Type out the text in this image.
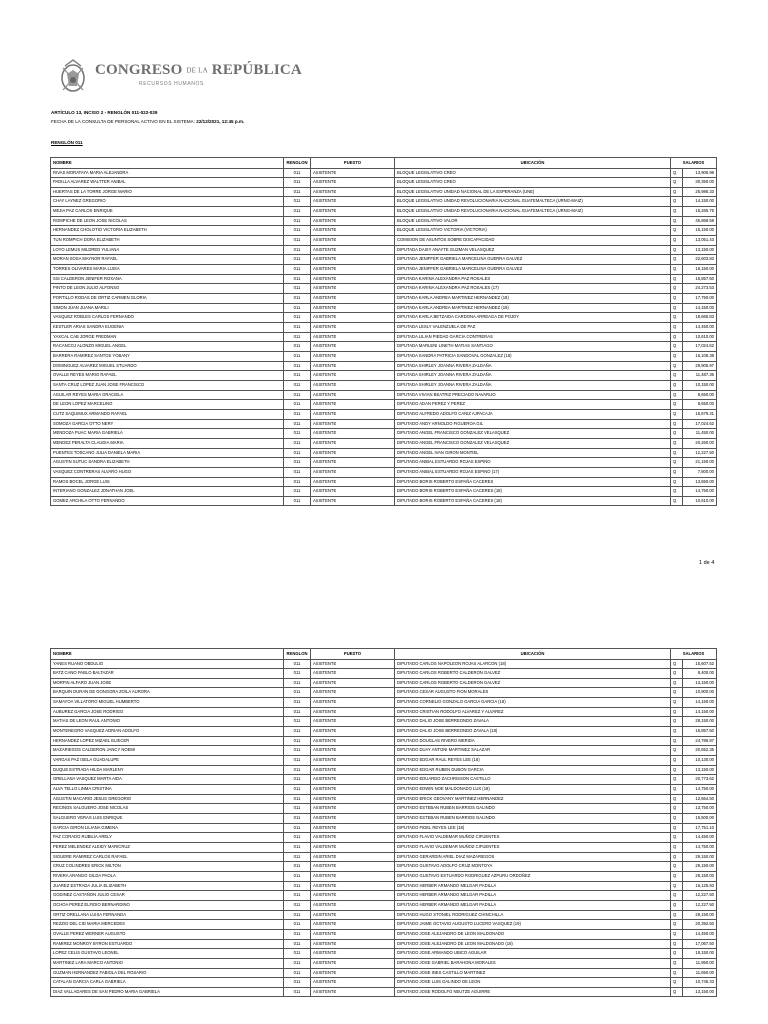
CONGRESO DE LA REPÚBLICA
RECURSOS HUMANOS
ARTÍCULO 13, INCISO 2 - RENGLÓN 011-022-029
FECHA DE LA CONSULTA DE PERSONAL ACTIVO EN EL SISTEMA: 22/12/2021, 12:45 p.m.
RENGLÓN 011
NOMBRE	RENGLON	PUESTO	UBICACIÓN	SALARIOS	
RIVAS MORATAYA MARIA ALEJANDRA	011	ASISTENTE	BLOQUE LEGISLATIVO CREO	Q	13,906.98
PADILLA ALVAREZ WALTTER ANIBAL	011	ASISTENTE	BLOQUE LEGISLATIVO CREO	Q	30,350.00
HUERTAS DE LA TORRE JORGE MARIO	011	ASISTENTE	BLOQUE LEGISLATIVO UNIDAD NACIONAL DE LA ESPERANZA (UNE)	Q	25,986.33
CHAY LAYNEZ GREGORIO	011	ASISTENTE	BLOQUE LEGISLATIVO UNIDAD REVOLUCIONARIA NACIONAL GUATEMALTECA (URNG-MAIZ)	Q	14,150.00
MEJIA PAZ CARLOS ENRIQUE	011	ASISTENTE	BLOQUE LEGISLATIVO UNIDAD REVOLUCIONARIA NACIONAL GUATEMALTECA (URNG-MAIZ)	Q	15,265.75
ROMPICHE DE LEON JOSE NICOLAS	011	ASISTENTE	BLOQUE LEGISLATIVO VALOR	Q	45,868.59
HERNANDEZ CHOLOTIO VICTORIA ELIZABETH	011	ASISTENTE	BLOQUE LEGISLATIVO VICTORIA (VICTORIA)	Q	15,150.00
TUN ROMPICH DORA ELIZABETH	011	ASISTENTE	COMISION DE ASUNTOS SOBRE DISCAPACIDAD	Q	13,051.43
LOYO LEMUS MILDRED YULIANA	011	ASISTENTE	DIPUTADA DAISY ANAYTE GUZMAN VELASQUEZ	Q	13,150.00
MORAN SOSA MAYNOR RAFAEL	011	ASISTENTE	DIPUTADA JENIFFER GABRIELA MARCELINA GUERRA GALVEZ	Q	22,603.83
TORRES OLIVARES MARIA LUISA	011	ASISTENTE	DIPUTADA JENIFFER GABRIELA MARCELINA GUERRA GALVEZ	Q	16,150.00
SIS CALDERON JENIFER ROXANA	011	ASISTENTE	DIPUTADA KARINA ALEXANDRA PAZ ROSALES	Q	15,857.50
PINTO DE LEON JULIO ALFONSO	011	ASISTENTE	DIPUTADA KARINA ALEXANDRA PAZ ROSALES (17)	Q	24,273.53
PORTILLO RODAS DE ORTIZ CARMEN GLORIA	011	ASISTENTE	DIPUTADA KARLA ANDREA MARTINEZ HERNANDEZ (18)	Q	17,750.00
SIMON JUAN JUANA MARILI	011	ASISTENTE	DIPUTADA KARLA ANDREA MARTINEZ HERNANDEZ (19)	Q	14,150.00
VASQUEZ ROBLES CARLOS FERNANDO	011	ASISTENTE	DIPUTADA KARLA BETZAIDA CARDONA ARREAGA DE POJOY	Q	18,665.83
KESTLER ARIAS SANDRA EUGENIA	011	ASISTENTE	DIPUTADA LESLY VALENZUELA DE PAZ	Q	14,450.00
YAXCAL CAB JORGE FREDMAN	011	ASISTENTE	DIPUTADA LILIAN PIEDAD GARCIA CONTRERAS	Q	10,610.00
RACANCOJ ALONZO MIGUEL ANGEL	011	ASISTENTE	DIPUTADA MARLENI LINETH MATIAS SANTIAGO	Q	17,024.62
BARRERA RAMIREZ SANTOS YOBANY	011	ASISTENTE	DIPUTADA SANDRA PATRICIA SANDOVAL GONZALEZ (18)	Q	15,108.38
DOMINGUEZ ALVAREZ MIGUEL STUARDO	011	ASISTENTE	DIPUTADA SHIRLEY JOANNA RIVERA ZALDAÑA	Q	29,905.97
OVALLE REYES MARIO RAFAEL	011	ASISTENTE	DIPUTADA SHIRLEY JOANNA RIVERA ZALDAÑA	Q	11,487.36
SANTA CRUZ LOPEZ JUAN JOSE FRANCISCO	011	ASISTENTE	DIPUTADA SHIRLEY JOANNA RIVERA ZALDAÑA	Q	10,150.00
AGUILAR REYES MARIA GRACIELA	011	ASISTENTE	DIPUTADA VIVIAN BEATRIZ PRECIADO NAVARIJO	Q	8,650.00
DE LEON LOPEZ MARCELINO	011	ASISTENTE	DIPUTADO ADAN PEREZ Y PEREZ	Q	8,650.00
CUTZ SAQUIMUX ARMANDO RAFAEL	011	ASISTENTE	DIPUTADO ALFREDO ADOLFO CANIZ AJPACAJA	Q	16,679.31
SOMOZA GARCIA OTTO NERY	011	ASISTENTE	DIPUTADO ANDY ARNOLDO FIGUEROA GIL	Q	17,024.62
MENDOZA PUAC MARIA GABRIELA	011	ASISTENTE	DIPUTADO ANGEL FRANCISCO GONZALEZ VELASQUEZ	Q	11,450.00
MENDEZ PERALTA CLAUDIA MARIA	011	ASISTENTE	DIPUTADO ANGEL FRANCISCO GONZALEZ VELASQUEZ	Q	20,260.00
PUENTES TOSCANO JULIA DANIELA MARIA	011	ASISTENTE	DIPUTADO ANGEL IVAN GIRON MONTIEL	Q	12,227.50
AGUSTIN SUTUC SANDRA ELIZABETH	011	ASISTENTE	DIPUTADO ANIBAL ESTUARDO ROJAS ESPINO	Q	21,150.00
VASQUEZ CONTRERAS ALVARO HUGO	011	ASISTENTE	DIPUTADO ANIBAL ESTUARDO ROJAS ESPINO (17)	Q	7,800.00
RAMOS BOCEL JORGE LUIS	011	ASISTENTE	DIPUTADO BORIS ROBERTO ESPAÑA CACERES	Q	13,650.00
INTERIANO GONZALEZ JONATHAN JOEL	011	ASISTENTE	DIPUTADO BORIS ROBERTO ESPAÑA CACERES (18)	Q	14,750.00
GOMEZ ARCHILA OTTO FERNANDO	011	ASISTENTE	DIPUTADO BORIS ROBERTO ESPAÑA CACERES (18)	Q	10,610.00
1 de 4
NOMBRE	RENGLON	PUESTO	UBICACIÓN	SALARIOS	
YANES RUANO OBDULIO	011	ASISTENTE	DIPUTADO CARLOS NAPOLEON ROJAS ALARCON (18)	Q	15,607.52
BATZ CANO PABLO BALTAZAR	011	ASISTENTE	DIPUTADO CARLOS ROBERTO CALDERON GALVEZ	Q	8,400.00
MORFIN ALFARO JUAN JOSE	011	ASISTENTE	DIPUTADO CARLOS ROBERTO CALDERON GALVEZ	Q	13,150.00
BARQUIN DURAN DE GONGORA ZOILA AURORA	011	ASISTENTE	DIPUTADO CESAR AUGUSTO FION MORALES	Q	10,900.00
SAMAYOA VILLATORO MIGUEL HUMBERTO	011	ASISTENTE	DIPUTADO CORNELIO GONZALO GARCIA GARCIA (18)	Q	14,150.00
AUBUREZ GARCIA JOSE RODRIGO	011	ASISTENTE	DIPUTADO CRISTIAN RODOLFO ALVAREZ Y ALVAREZ	Q	14,150.00
MATIAS DE LEON RAUL ANTONIO	011	ASISTENTE	DIPUTADO DALIO JOSE BERREONDO ZAVALA	Q	28,150.00
MONTENEGRO VASQUEZ ADRIAN ADOLFO	011	ASISTENTE	DIPUTADO DALIO JOSE BERREONDO ZAVALA (18)	Q	15,857.50
HERNANDEZ LOPEZ MIZAEL ELIECER	011	ASISTENTE	DIPUTADO DOUGLAS RIVERO MERIDA	Q	24,786.87
MAZARIEGOS CALDERON JANCY NOEMI	011	ASISTENTE	DIPUTADO DUAY ANTONI MARTINEZ SALAZAR	Q	20,652.35
VARGAS PAZ ISELA GUADALUPE	011	ASISTENTE	DIPUTADO EDGAR RAUL REYES LEE (18)	Q	10,130.00
DUQUE ESTRADA HILDA MARLENY	011	ASISTENTE	DIPUTADO EDGAR RUBEN DUBON GARCIA	Q	13,150.00
ORELLANA VASQUEZ MARTA AIDA	011	ASISTENTE	DIPUTADO EDUARDO ZACHRISSON CASTILLO	Q	20,773.62
ALVA TELLO LINMA CRISTINA	011	ASISTENTE	DIPUTADO EDWIN NOE MALDONADO LUX (18)	Q	14,750.00
AGUSTIN MACARIO JESUS GREGORIO	011	ASISTENTE	DIPUTADO ERICK GEOVANY MARTINEZ HERNANDEZ	Q	12,564.50
RECINOS SALGUERO JOSE NICOLAS	011	ASISTENTE	DIPUTADO ESTEBAN RUBEN BARRIOS GALINDO	Q	13,750.00
SALGUERO VERAS LUIS ENRIQUE	011	ASISTENTE	DIPUTADO ESTEBAN RUBEN BARRIOS GALINDO	Q	15,500.00
GARCIA GIRON LILIANA GIMENA	011	ASISTENTE	DIPUTADO FIDEL REYES LEE (18)	Q	17,751.10
PAZ CORADO RUBILIA ARELY	011	ASISTENTE	DIPUTADO FLAVIO VALDEMAR MUÑOZ CIFUENTES	Q	14,450.00
PEREZ MELENDEZ ALEIDY MARICRUZ	011	ASISTENTE	DIPUTADO FLAVIO VALDEMAR MUÑOZ CIFUENTES	Q	14,750.00
SIGUERE RAMIREZ CARLOS RAFAEL	011	ASISTENTE	DIPUTADO GERARDIN ARIEL DIAZ MAZARIEGOS	Q	29,150.00
CRUZ COLINDRES ERICK MILTON	011	ASISTENTE	DIPUTADO GUSTAVO ADOLFO CRUZ MONTOYA	Q	29,150.00
RIVERA ARANGO GILDA PAOLA	011	ASISTENTE	DIPUTADO GUSTAVO ESTUARDO RODRIGUEZ AZPURU ORDOÑEZ	Q	28,150.00
JUAREZ ESTRADA JULIA ELIZABETH	011	ASISTENTE	DIPUTADO HERBER ARMANDO MELGAR PADILLA	Q	16,125.93
GODINEZ CASTAÑON JULIO CESAR	011	ASISTENTE	DIPUTADO HERBER ARMANDO MELGAR PADILLA	Q	12,227.50
OCHOA PEREZ ELFIDIO BERNARDINO	011	ASISTENTE	DIPUTADO HERBER ARMANDO MELGAR PADILLA	Q	12,227.50
ORTIZ ORELLANA LUISA FERNANDA	011	ASISTENTE	DIPUTADO HUGO STONIEL RODRIGUEZ CHINCHILLA	Q	29,150.00
REZZIO DEL CID MARIA MERCEDES	011	ASISTENTE	DIPUTADO JAIME OCTAVIO AUGUSTO LUCERO VASQUEZ (19)	Q	20,392.50
OVALLE PEREZ WERNER AUGUSTO	011	ASISTENTE	DIPUTADO JOSE ALEJANDRO DE LEON MALDONADO	Q	14,450.00
RAMIREZ MONROY BYRON ESTUARDO	011	ASISTENTE	DIPUTADO JOSE ALEJANDRO DE LEON MALDONADO (18)	Q	17,067.50
LOPEZ CELIS GUSTAVO LEONEL	011	ASISTENTE	DIPUTADO JOSE ARMANDO UBICO AGUILAR	Q	18,150.00
MARTINEZ LARA MARCO ANTONIO	011	ASISTENTE	DIPUTADO JOSE GABRIEL BARAHONA MORALES	Q	11,950.00
GUZMAN HERNANDEZ FABIOLA DEL ROSARIO	011	ASISTENTE	DIPUTADO JOSE INES CASTILLO MARTINEZ	Q	11,650.00
CATALAN GARCIA CARLA GABRIELA	011	ASISTENTE	DIPUTADO JOSE LUIS GALINDO DE LEON	Q	10,745.33
DIAZ VALLADARES DE SAN PEDRO MARIA GABRIELA	011	ASISTENTE	DIPUTADO JOSE RODOLFO NEUTZE AGUIRRE	Q	13,150.00
